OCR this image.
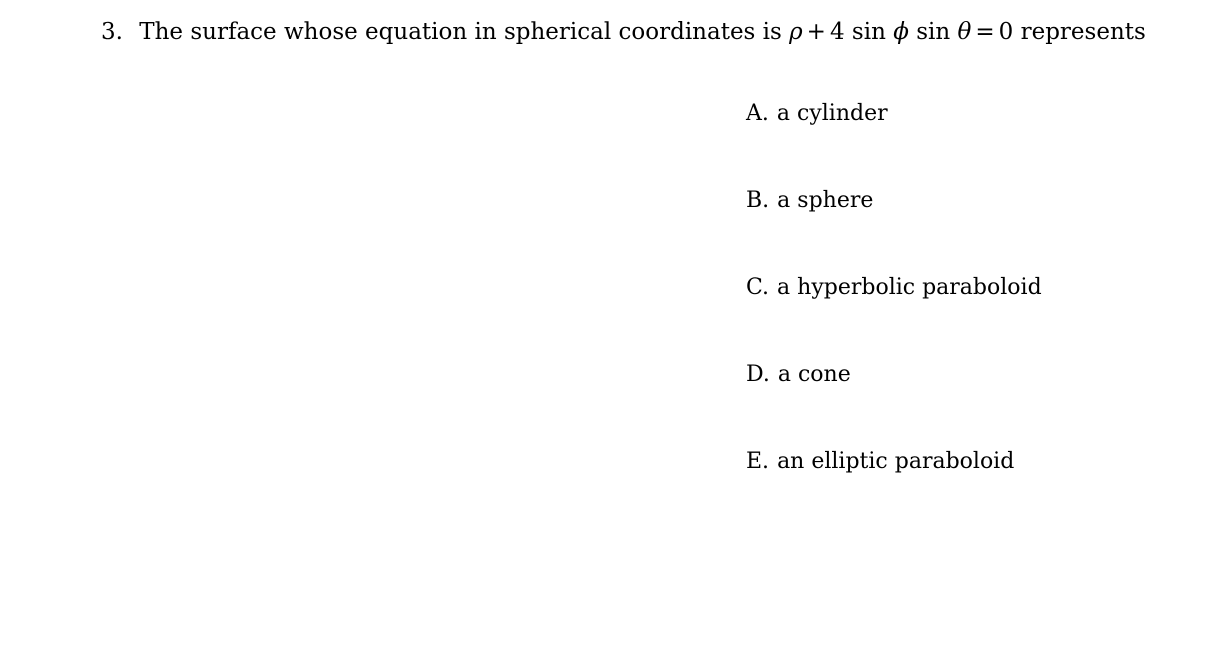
3. The surface whose equation in spherical coordinates is ρ + 4 sin ϕ sin θ = 0 represents
A. a cylinder
B. a sphere
C. a hyperbolic paraboloid
D. a cone
E. an elliptic paraboloid
